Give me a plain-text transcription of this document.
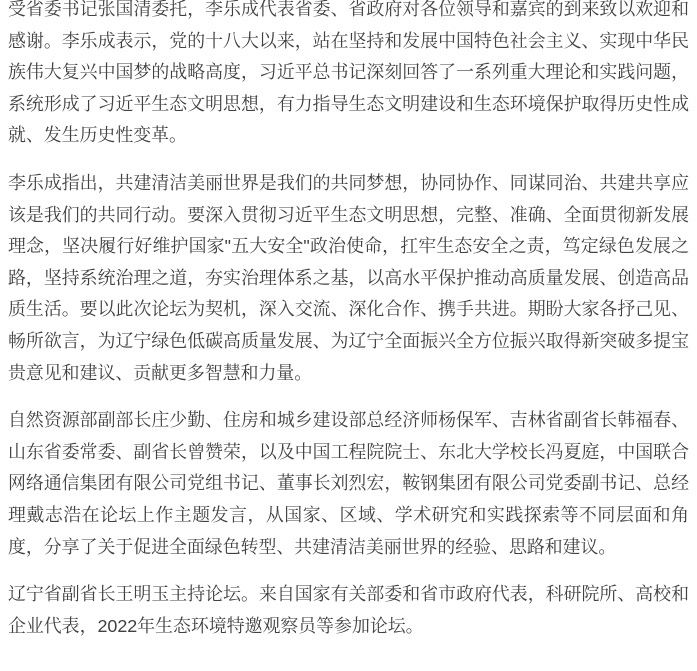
受省委书记张国清委托，李乐成代表省委、省政府对各位领导和嘉宾的到来致以欢迎和感谢。李乐成表示，党的十八大以来，站在坚持和发展中国特色社会主义、实现中华民族伟大复兴中国梦的战略高度，习近平总书记深刻回答了一系列重大理论和实践问题，系统形成了习近平生态文明思想，有力指导生态文明建设和生态环境保护取得历史性成就、发生历史性变革。

李乐成指出，共建清洁美丽世界是我们的共同梦想，协同协作、同谋同治、共建共享应该是我们的共同行动。要深入贯彻习近平生态文明思想，完整、准确、全面贯彻新发展理念，坚决履行好维护国家"五大安全"政治使命，扛牢生态安全之责，笃定绿色发展之路，坚持系统治理之道，夯实治理体系之基，以高水平保护推动高质量发展、创造高品质生活。要以此次论坛为契机，深入交流、深化合作、携手共进。期盼大家各抒己见、畅所欲言，为辽宁绿色低碳高质量发展、为辽宁全面振兴全方位振兴取得新突破多提宝贵意见和建议、贡献更多智慧和力量。

自然资源部副部长庄少勤、住房和城乡建设部总经济师杨保军、吉林省副省长韩福春、山东省委常委、副省长曾赞荣，以及中国工程院院士、东北大学校长冯夏庭，中国联合网络通信集团有限公司党组书记、董事长刘烈宏，鞍钢集团有限公司党委副书记、总经理戴志浩在论坛上作主题发言，从国家、区域、学术研究和实践探索等不同层面和角度，分享了关于促进全面绿色转型、共建清洁美丽世界的经验、思路和建议。

辽宁省副省长王明玉主持论坛。来自国家有关部委和省市政府代表，科研院所、高校和企业代表，2022年生态环境特邀观察员等参加论坛。
